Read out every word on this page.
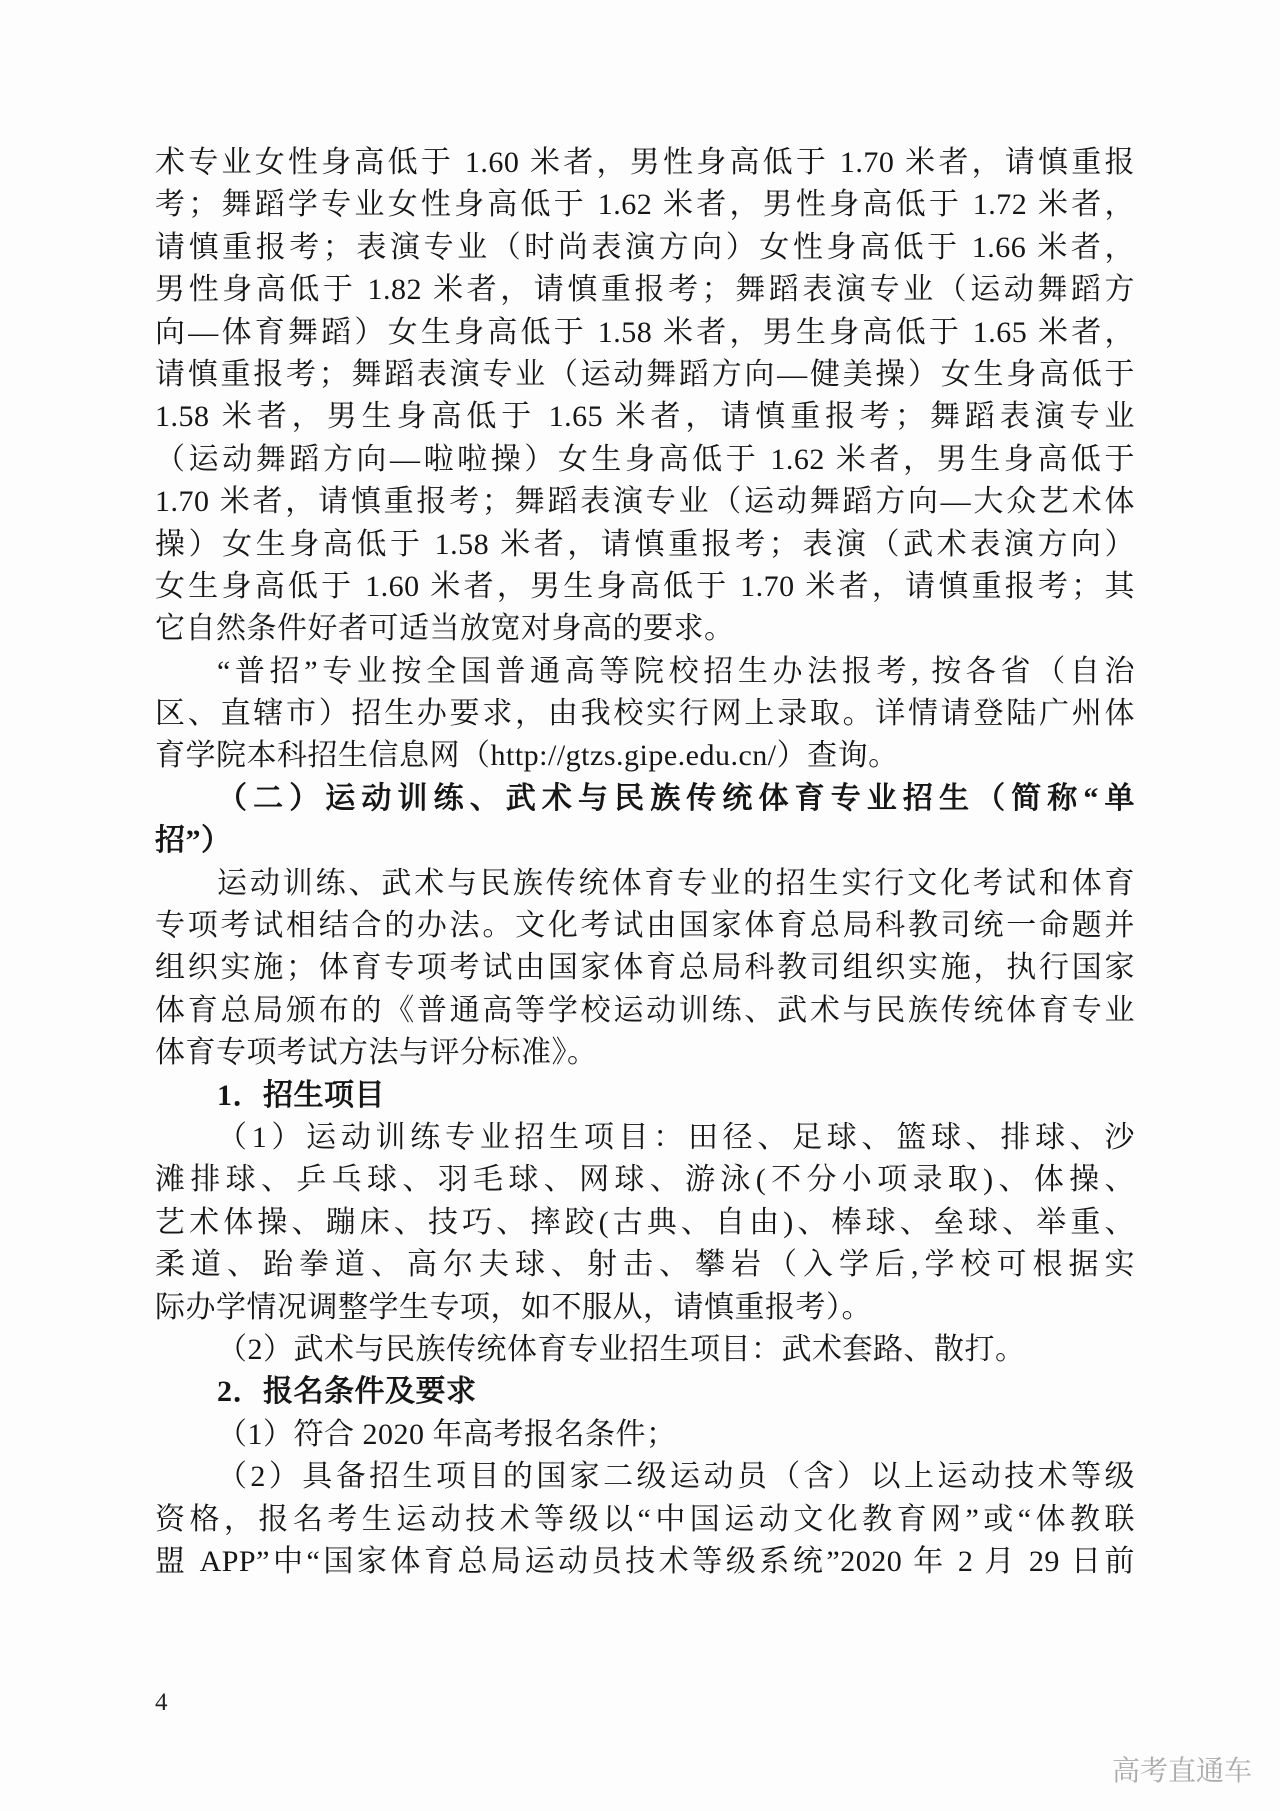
术专业女性身高低于 1.60 米者，男性身高低于 1.70 米者，请慎重报
考；舞蹈学专业女性身高低于 1.62 米者，男性身高低于 1.72 米者，
请慎重报考；表演专业（时尚表演方向）女性身高低于 1.66 米者，
男性身高低于 1.82 米者，请慎重报考；舞蹈表演专业（运动舞蹈方
向—体育舞蹈）女生身高低于 1.58 米者，男生身高低于 1.65 米者，
请慎重报考；舞蹈表演专业（运动舞蹈方向—健美操）女生身高低于
1.58 米者，男生身高低于 1.65 米者，请慎重报考；舞蹈表演专业
（运动舞蹈方向—啦啦操）女生身高低于 1.62 米者，男生身高低于
1.70 米者，请慎重报考；舞蹈表演专业（运动舞蹈方向—大众艺术体
操）女生身高低于 1.58 米者，请慎重报考；表演（武术表演方向）
女生身高低于 1.60 米者，男生身高低于 1.70 米者，请慎重报考；其
它自然条件好者可适当放宽对身高的要求。
“普招”专业按全国普通高等院校招生办法报考, 按各省（自治
区、直辖市）招生办要求，由我校实行网上录取。详情请登陆广州体
育学院本科招生信息网（http://gtzs.gipe.edu.cn/）查询。
（二）运动训练、武术与民族传统体育专业招生（简称“单
招”）
运动训练、武术与民族传统体育专业的招生实行文化考试和体育
专项考试相结合的办法。文化考试由国家体育总局科教司统一命题并
组织实施；体育专项考试由国家体育总局科教司组织实施，执行国家
体育总局颁布的《普通高等学校运动训练、武术与民族传统体育专业
体育专项考试方法与评分标准》。
1．招生项目
（1）运动训练专业招生项目：田径、足球、篮球、排球、沙
滩排球、乒乓球、羽毛球、网球、游泳(不分小项录取)、体操、
艺术体操、蹦床、技巧、摔跤(古典、自由)、棒球、垒球、举重、
柔道、跆拳道、高尔夫球、射击、攀岩（入学后,学校可根据实
际办学情况调整学生专项，如不服从，请慎重报考）。
（2）武术与民族传统体育专业招生项目：武术套路、散打。
2．报名条件及要求
（1）符合 2020 年高考报名条件；
（2）具备招生项目的国家二级运动员（含）以上运动技术等级
资格，报名考生运动技术等级以“中国运动文化教育网”或“体教联
盟 APP”中“国家体育总局运动员技术等级系统”2020 年 2 月 29 日前
4
高考直通车
